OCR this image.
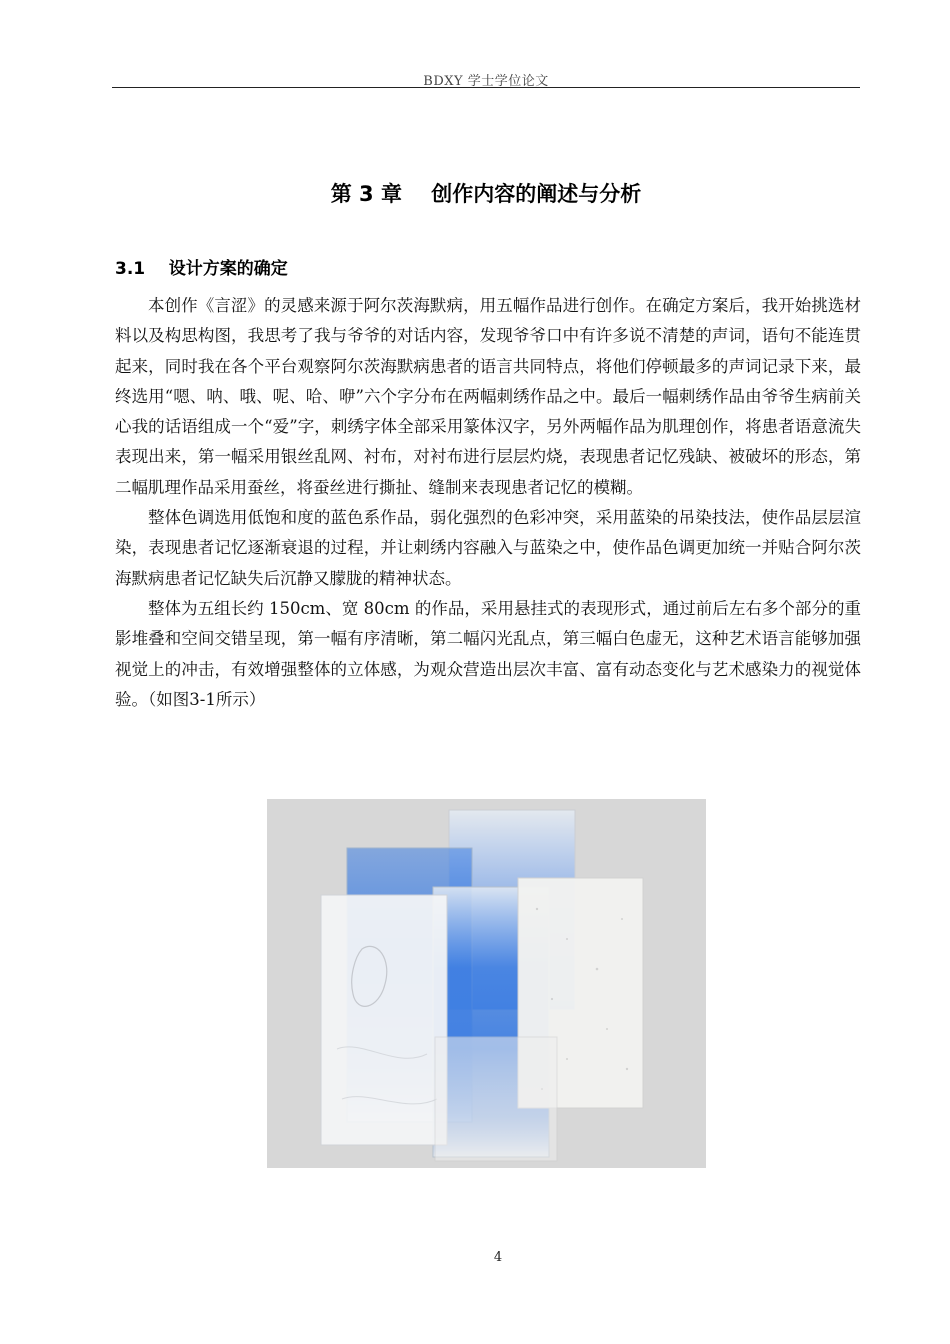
BDXY 学士学位论文
第 3 章    创作内容的阐述与分析
3.1    设计方案的确定

本创作《言涩》的灵感来源于阿尔茨海默病，用五幅作品进行创作。在确定方案后，我开始挑选材料以及构思构图，我思考了我与爷爷的对话内容，发现爷爷口中有许多说不清楚的声词，语句不能连贯起来，同时我在各个平台观察阿尔茨海默病患者的语言共同特点，将他们停顿最多的声词记录下来，最终选用“嗯、呐、哦、呢、哈、咿”六个字分布在两幅刺绣作品之中。最后一幅刺绣作品由爷爷生病前关心我的话语组成一个“爱”字，刺绣字体全部采用篆体汉字，另外两幅作品为肌理创作，将患者语意流失表现出来，第一幅采用银丝乱网、衬布，对衬布进行层层灼烧，表现患者记忆残缺、被破坏的形态，第二幅肌理作品采用蚕丝，将蚕丝进行撕扯、缝制来表现患者记忆的模糊。

整体色调选用低饱和度的蓝色系作品，弱化强烈的色彩冲突，采用蓝染的吊染技法，使作品层层渲染，表现患者记忆逐渐衰退的过程，并让刺绣内容融入与蓝染之中，使作品色调更加统一并贴合阿尔茨海默病患者记忆缺失后沉静又朦胧的精神状态。

整体为五组长约 150cm、宽 80cm 的作品，采用悬挂式的表现形式，通过前后左右多个部分的重影堆叠和空间交错呈现，第一幅有序清晰，第二幅闪光乱点，第三幅白色虚无，这种艺术语言能够加强视觉上的冲击，有效增强整体的立体感，为观众营造出层次丰富、富有动态变化与艺术感染力的视觉体验。（如图3-1所示）

4
